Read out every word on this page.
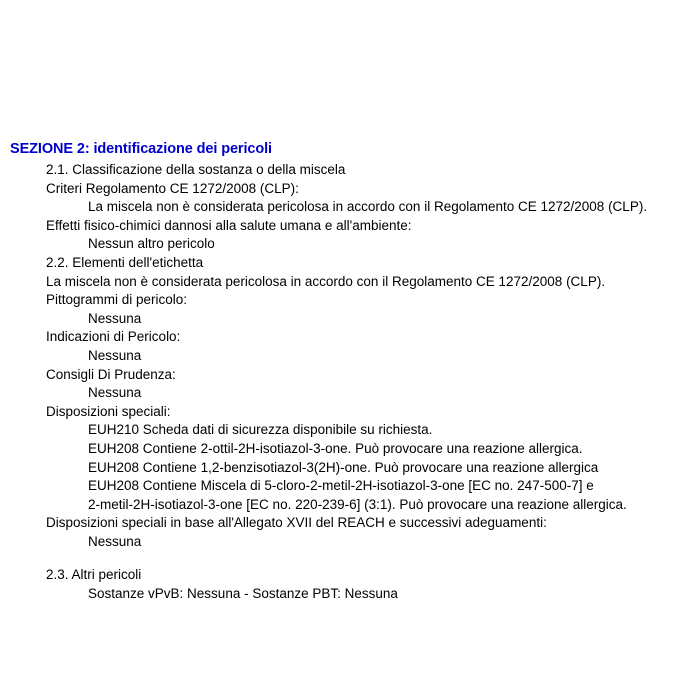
SEZIONE 2: identificazione dei pericoli

2.1. Classificazione della sostanza o della miscela

Criteri Regolamento CE 1272/2008 (CLP):

La miscela non è considerata pericolosa in accordo con il Regolamento CE 1272/2008 (CLP).

Effetti fisico-chimici dannosi alla salute umana e all'ambiente:

Nessun altro pericolo

2.2. Elementi dell'etichetta

La miscela non è considerata pericolosa in accordo con il Regolamento CE 1272/2008 (CLP).

Pittogrammi di pericolo:

Nessuna

Indicazioni di Pericolo:

Nessuna

Consigli Di Prudenza:

Nessuna

Disposizioni speciali:

EUH210 Scheda dati di sicurezza disponibile su richiesta.

EUH208 Contiene 2-ottil-2H-isotiazol-3-one. Può provocare una reazione allergica.

EUH208 Contiene 1,2-benzisotiazol-3(2H)-one. Può provocare una reazione allergica

EUH208 Contiene Miscela di 5-cloro-2-metil-2H-isotiazol-3-one [EC no. 247-500-7] e

2-metil-2H-isotiazol-3-one [EC no. 220-239-6] (3:1). Può provocare una reazione allergica.

Disposizioni speciali in base all'Allegato XVII del REACH e successivi adeguamenti:

Nessuna

2.3. Altri pericoli

Sostanze vPvB: Nessuna - Sostanze PBT: Nessuna
